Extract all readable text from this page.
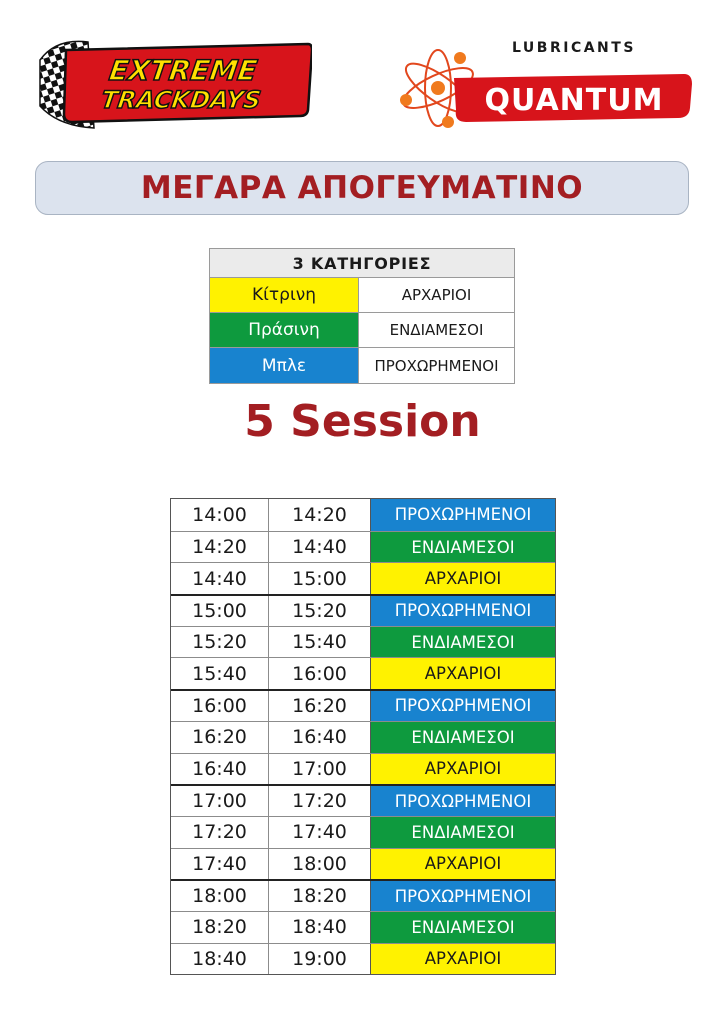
EXTREME
TRACKDAYS	QUANTUM
LUBRICANTS
ΜΕΓΑΡΑ ΑΠΟΓΕΥΜΑΤΙΝΟ
3 ΚΑΤΗΓΟΡΙΕΣ
Κίτρινη	ΑΡΧΑΡΙΟΙ
Πράσινη	ΕΝΔΙΑΜΕΣΟΙ
Μπλε	ΠΡΟΧΩΡΗΜΕΝΟΙ
5 Session
14:00	14:20	ΠΡΟΧΩΡΗΜΕΝΟΙ
14:20	14:40	ΕΝΔΙΑΜΕΣΟΙ
14:40	15:00	ΑΡΧΑΡΙΟΙ
15:00	15:20	ΠΡΟΧΩΡΗΜΕΝΟΙ
15:20	15:40	ΕΝΔΙΑΜΕΣΟΙ
15:40	16:00	ΑΡΧΑΡΙΟΙ
16:00	16:20	ΠΡΟΧΩΡΗΜΕΝΟΙ
16:20	16:40	ΕΝΔΙΑΜΕΣΟΙ
16:40	17:00	ΑΡΧΑΡΙΟΙ
17:00	17:20	ΠΡΟΧΩΡΗΜΕΝΟΙ
17:20	17:40	ΕΝΔΙΑΜΕΣΟΙ
17:40	18:00	ΑΡΧΑΡΙΟΙ
18:00	18:20	ΠΡΟΧΩΡΗΜΕΝΟΙ
18:20	18:40	ΕΝΔΙΑΜΕΣΟΙ
18:40	19:00	ΑΡΧΑΡΙΟΙ
